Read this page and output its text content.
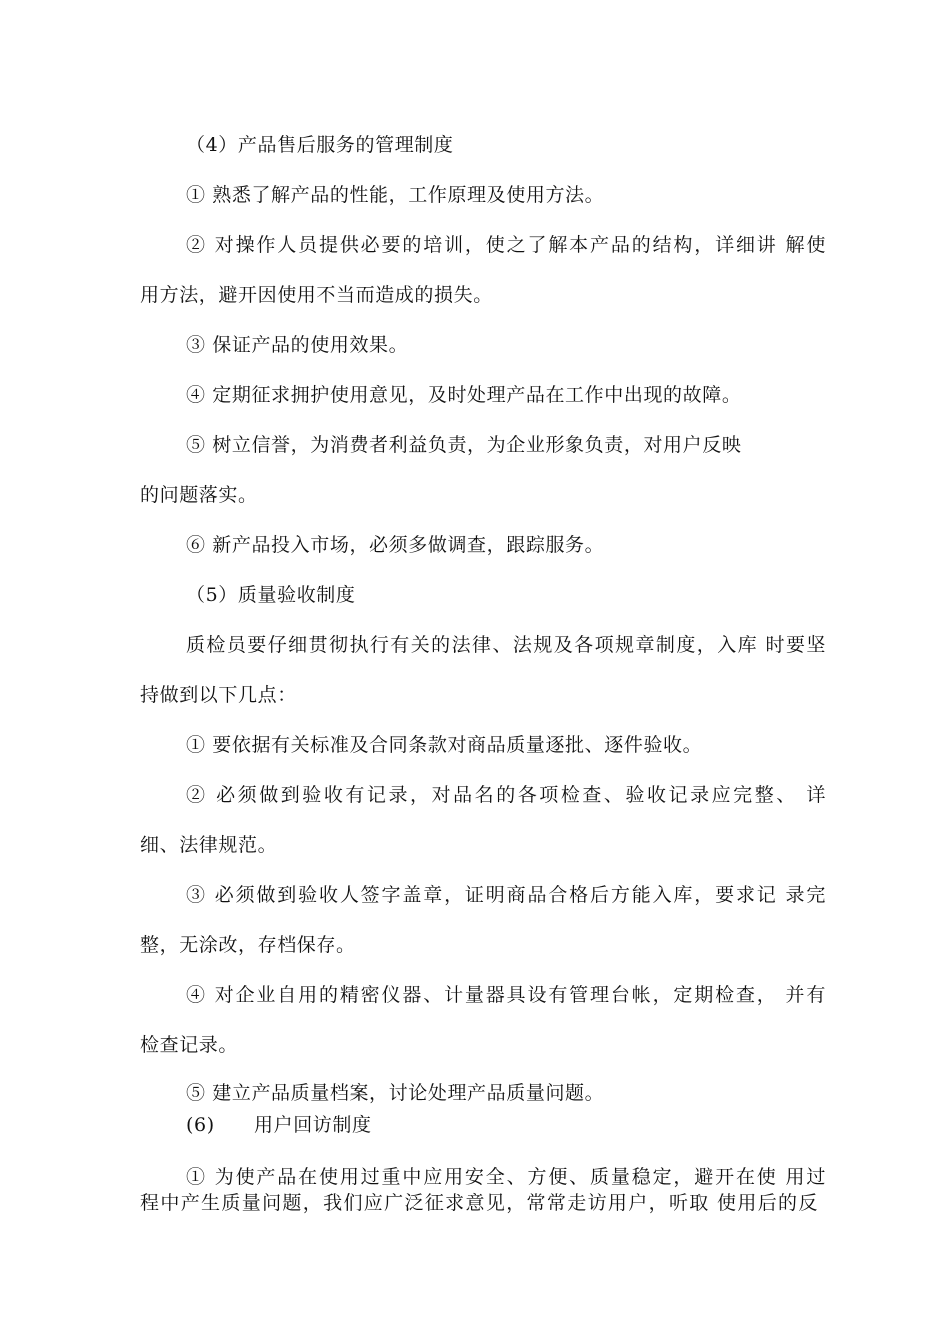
（4）产品售后服务的管理制度

① 熟悉了解产品的性能，工作原理及使用方法。

② 对操作人员提供必要的培训，使之了解本产品的结构，详细讲 解使

用方法，避开因使用不当而造成的损失。

③ 保证产品的使用效果。

④ 定期征求拥护使用意见，及时处理产品在工作中出现的故障。

⑤ 树立信誉，为消费者利益负责，为企业形象负责，对用户反映

的问题落实。

⑥ 新产品投入市场，必须多做调查，跟踪服务。

（5）质量验收制度

质检员要仔细贯彻执行有关的法律、法规及各项规章制度，入库 时要坚

持做到以下几点：

① 要依据有关标准及合同条款对商品质量逐批、逐件验收。

② 必须做到验收有记录，对品名的各项检查、验收记录应完整、 详

细、法律规范。

③ 必须做到验收人签字盖章，证明商品合格后方能入库，要求记 录完

整，无涂改，存档保存。

④ 对企业自用的精密仪器、计量器具设有管理台帐，定期检查， 并有

检查记录。

⑤ 建立产品质量档案，讨论处理产品质量问题。

(6) 用户回访制度

① 为使产品在使用过重中应用安全、方便、质量稳定，避开在使 用过

程中产生质量问题，我们应广泛征求意见，常常走访用户，听取 使用后的反
